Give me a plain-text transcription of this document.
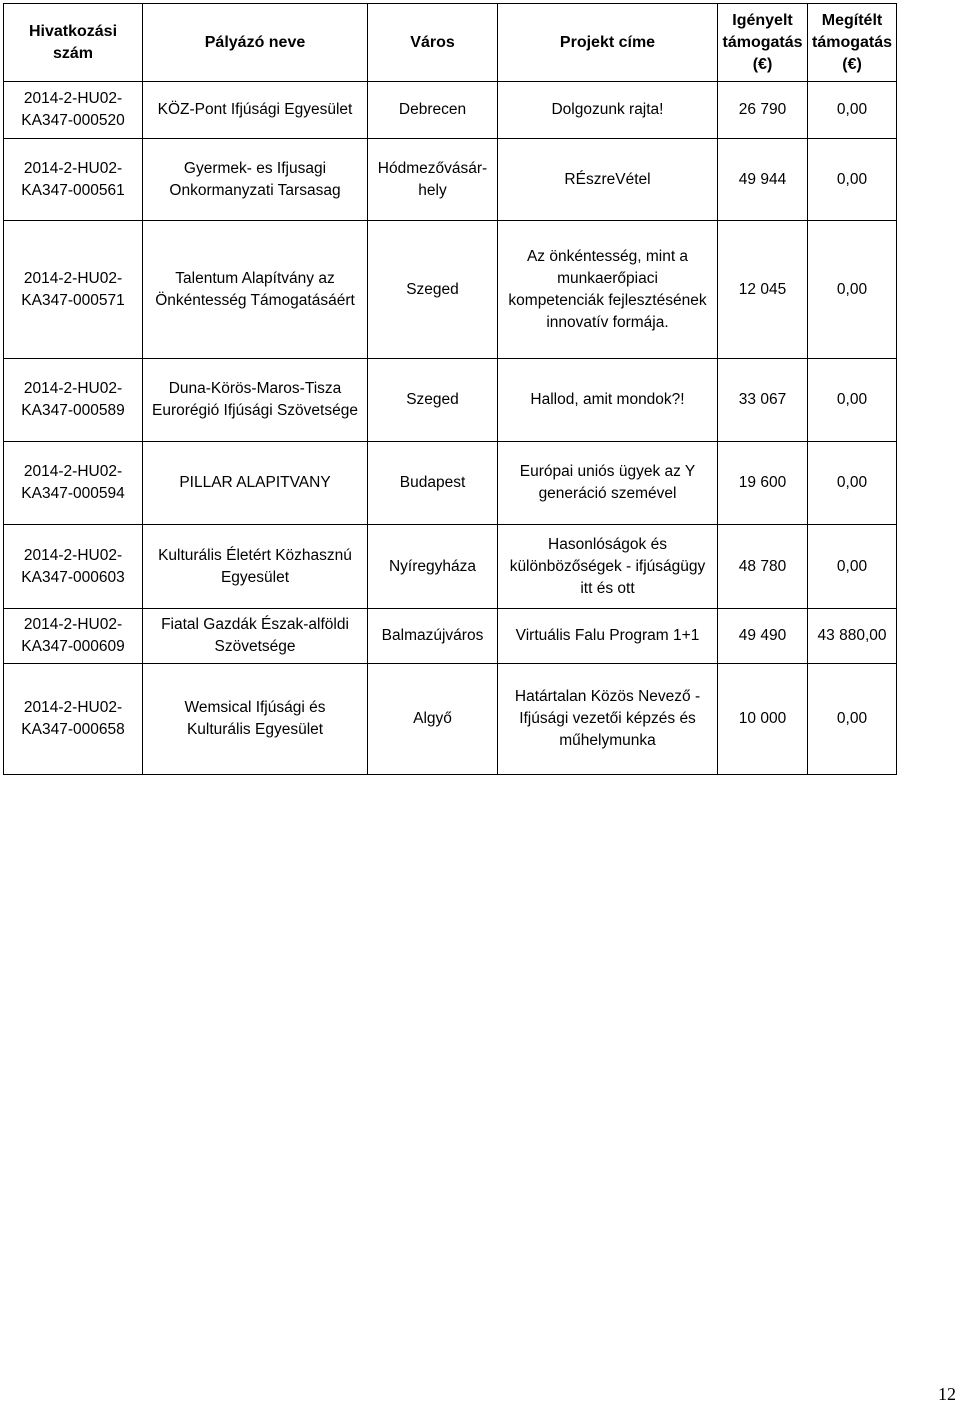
Hivatkozási szám	Pályázó neve	Város	Projekt címe	Igényelt
támogatás
(€)	Megítélt
támogatás
(€)
2014-2-HU02-
KA347-000520	KÖZ-Pont Ifjúsági Egyesület	Debrecen	Dolgozunk rajta!	26 790	0,00
2014-2-HU02-
KA347-000561	Gyermek- es Ifjusagi
Onkormanyzati Tarsasag	Hódmezővásár-
hely	RÉszreVétel	49 944	0,00
2014-2-HU02-
KA347-000571	Talentum Alapítvány az
Önkéntesség Támogatásáért	Szeged	Az önkéntesség, mint a
munkaerőpiaci
kompetenciák fejlesztésének
innovatív formája.	12 045	0,00
2014-2-HU02-
KA347-000589	Duna-Körös-Maros-Tisza
Eurorégió Ifjúsági Szövetsége	Szeged	Hallod, amit mondok?!	33 067	0,00
2014-2-HU02-
KA347-000594	PILLAR ALAPITVANY	Budapest	Európai uniós ügyek az Y
generáció szemével	19 600	0,00
2014-2-HU02-
KA347-000603	Kulturális Életért Közhasznú
Egyesület	Nyíregyháza	Hasonlóságok és
különbözőségek - ifjúságügy
itt és ott	48 780	0,00
2014-2-HU02-
KA347-000609	Fiatal Gazdák Észak-alföldi
Szövetsége	Balmazújváros	Virtuális Falu Program 1+1	49 490	43 880,00
2014-2-HU02-
KA347-000658	Wemsical Ifjúsági és
Kulturális Egyesület	Algyő	Határtalan Közös Nevező -
Ifjúsági vezetői képzés és
műhelymunka	10 000	0,00
12
